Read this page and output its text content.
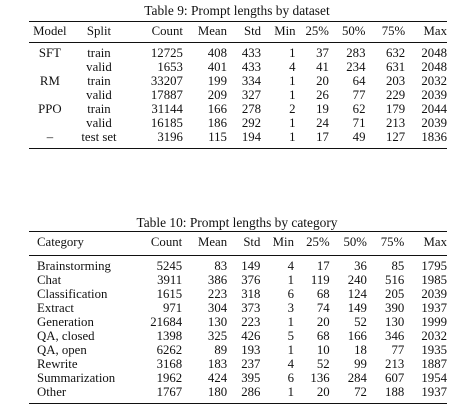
Table 9: Prompt lengths by dataset
Model	Split	Count	Mean	Std	Min	25%	50%	75%	Max
SFT	train	12725	408	433	1	37	283	632	2048
	valid	1653	401	433	4	41	234	631	2048
RM	train	33207	199	334	1	20	64	203	2032
	valid	17887	209	327	1	26	77	229	2039
PPO	train	31144	166	278	2	19	62	179	2044
	valid	16185	186	292	1	24	71	213	2039
–	test set	3196	115	194	1	17	49	127	1836
Table 10: Prompt lengths by category
Category	Count	Mean	Std	Min	25%	50%	75%	Max
Brainstorming	5245	83	149	4	17	36	85	1795
Chat	3911	386	376	1	119	240	516	1985
Classification	1615	223	318	6	68	124	205	2039
Extract	971	304	373	3	74	149	390	1937
Generation	21684	130	223	1	20	52	130	1999
QA, closed	1398	325	426	5	68	166	346	2032
QA, open	6262	89	193	1	10	18	77	1935
Rewrite	3168	183	237	4	52	99	213	1887
Summarization	1962	424	395	6	136	284	607	1954
Other	1767	180	286	1	20	72	188	1937
